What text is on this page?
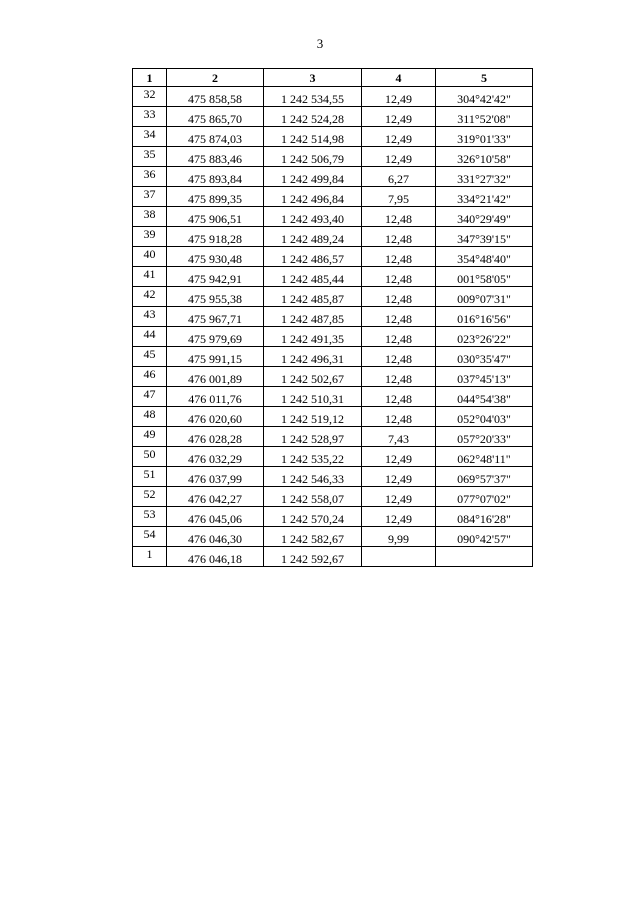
3
1	2	3	4	5
32	475 858,58	1 242 534,55	12,49	304°42'42"
33	475 865,70	1 242 524,28	12,49	311°52'08"
34	475 874,03	1 242 514,98	12,49	319°01'33"
35	475 883,46	1 242 506,79	12,49	326°10'58"
36	475 893,84	1 242 499,84	6,27	331°27'32"
37	475 899,35	1 242 496,84	7,95	334°21'42"
38	475 906,51	1 242 493,40	12,48	340°29'49"
39	475 918,28	1 242 489,24	12,48	347°39'15"
40	475 930,48	1 242 486,57	12,48	354°48'40"
41	475 942,91	1 242 485,44	12,48	001°58'05"
42	475 955,38	1 242 485,87	12,48	009°07'31"
43	475 967,71	1 242 487,85	12,48	016°16'56"
44	475 979,69	1 242 491,35	12,48	023°26'22"
45	475 991,15	1 242 496,31	12,48	030°35'47"
46	476 001,89	1 242 502,67	12,48	037°45'13"
47	476 011,76	1 242 510,31	12,48	044°54'38"
48	476 020,60	1 242 519,12	12,48	052°04'03"
49	476 028,28	1 242 528,97	7,43	057°20'33"
50	476 032,29	1 242 535,22	12,49	062°48'11"
51	476 037,99	1 242 546,33	12,49	069°57'37"
52	476 042,27	1 242 558,07	12,49	077°07'02"
53	476 045,06	1 242 570,24	12,49	084°16'28"
54	476 046,30	1 242 582,67	9,99	090°42'57"
1	476 046,18	1 242 592,67		
